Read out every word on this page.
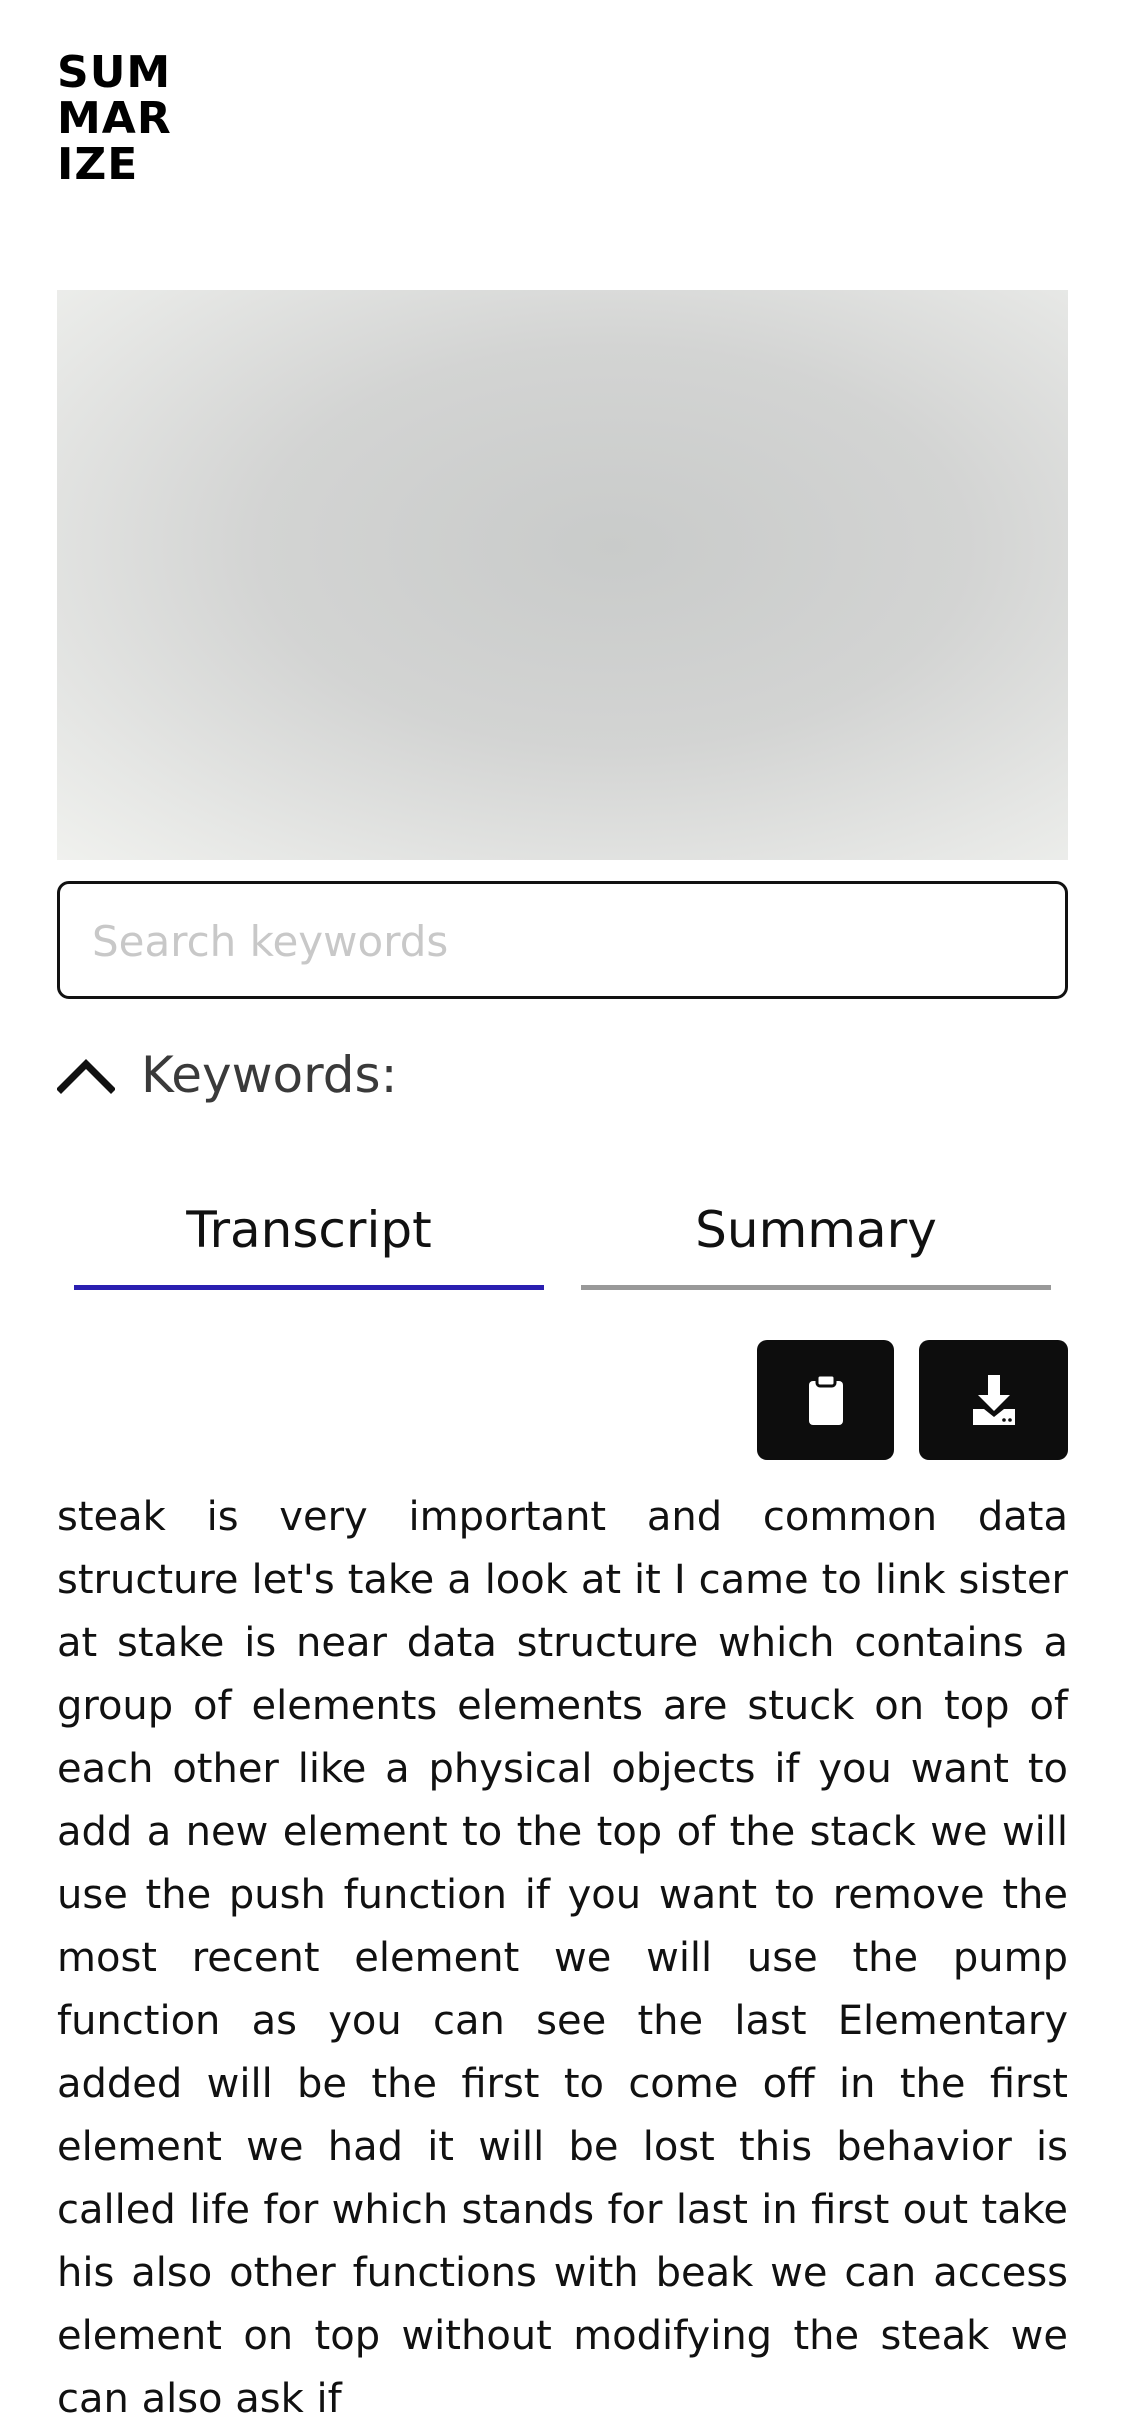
SUM
MAR
IZE
Search keywords
Keywords:
Transcript	Summary

steak is very important and common data structure let's take a look at it I came to link sister at stake is near data structure which contains a group of elements elements are stuck on top of each other like a physical objects if you want to add a new element to the top of the stack we will use the push function if you want to remove the most recent element we will use the pump function as you can see the last Elementary added will be the first to come off in the first element we had it will be lost this behavior is called life for which stands for last in first out take his also other functions with beak we can access element on top without modifying the steak we can also ask if
